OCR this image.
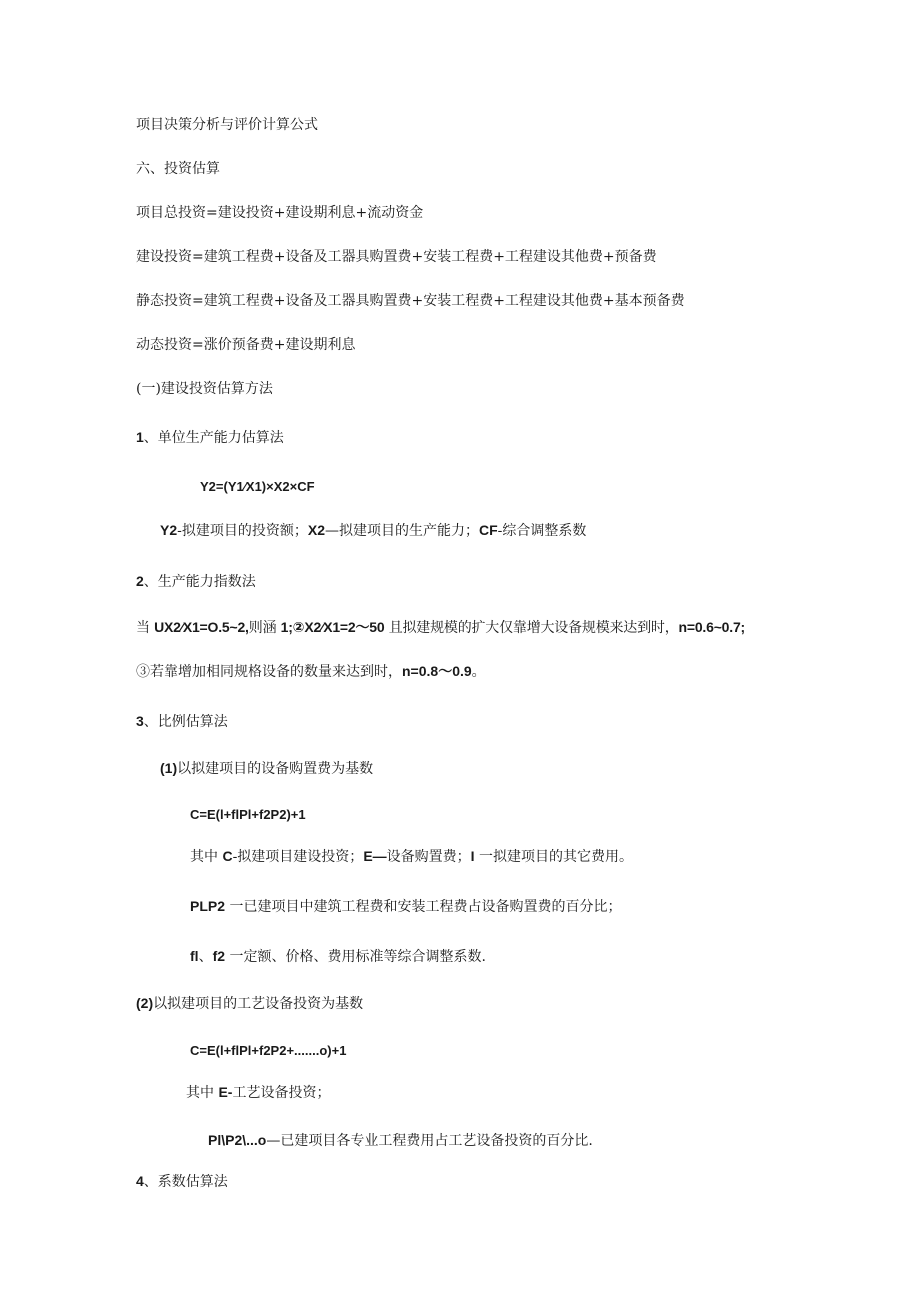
项目决策分析与评价计算公式
六、投资估算
项目总投资=建设投资+建设期利息+流动资金
建设投资=建筑工程费+设备及工器具购置费+安装工程费+工程建设其他费+预备费
静态投资=建筑工程费+设备及工器具购置费+安装工程费+工程建设其他费+基本预备费
动态投资=涨价预备费+建设期利息
(一)建设投资估算方法
1、单位生产能力估算法
Y2=(Y1⁄X1)×X2×CF
Y2-拟建项目的投资额；X2—拟建项目的生产能力；CF-综合调整系数
2、生产能力指数法
当 UX2⁄X1=O.5~2,则涵 1;②X2⁄X1=2～50 且拟建规模的扩大仅靠增大设备规模来达到时，n=0.6~0.7;
③若靠增加相同规格设备的数量来达到时，n=0.8～0.9。
3、比例估算法
(1)以拟建项目的设备购置费为基数
C=E(l+flPl+f2P2)+1
其中 C-拟建项目建设投资；E—设备购置费；I 一拟建项目的其它费用。
PLP2 一已建项目中建筑工程费和安装工程费占设备购置费的百分比；
fl、f2 一定额、价格、费用标准等综合调整系数.
(2)以拟建项目的工艺设备投资为基数
C=E(l+flPl+f2P2+.......o)+1
其中 E-工艺设备投资；
Pl\P2\...o—已建项目各专业工程费用占工艺设备投资的百分比.
4、系数估算法
